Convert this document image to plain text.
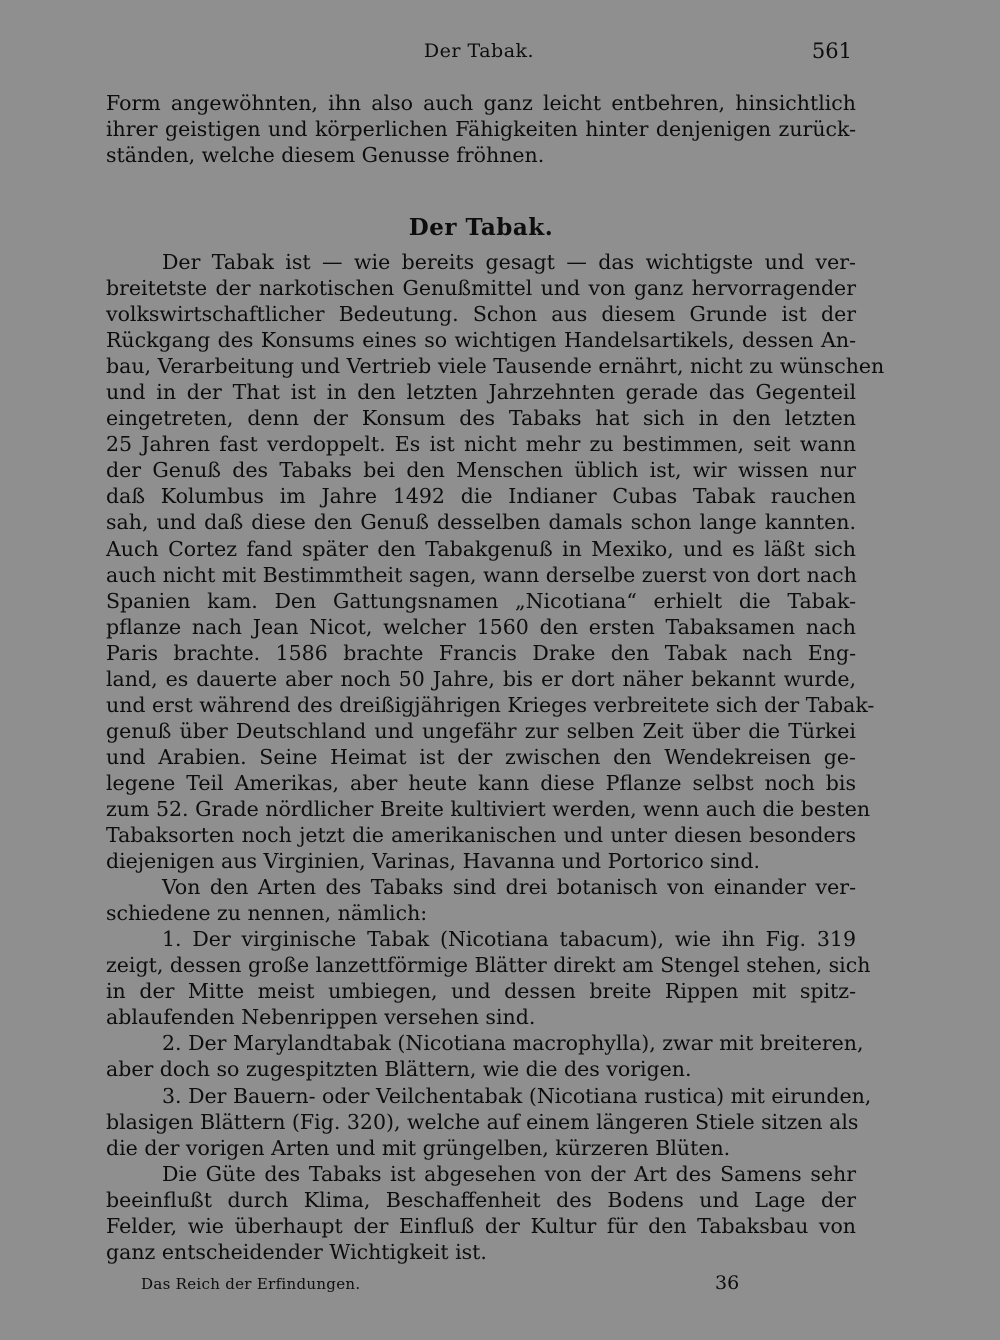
Der Tabak.	561
Form angewöhnten, ihn also auch ganz leicht entbehren, hinsichtlich
ihrer geistigen und körperlichen Fähigkeiten hinter denjenigen zurück-
ständen, welche diesem Genusse fröhnen.
Der Tabak.
Der Tabak ist — wie bereits gesagt — das wichtigste und ver-
breitetste der narkotischen Genußmittel und von ganz hervorragender
volkswirtschaftlicher Bedeutung. Schon aus diesem Grunde ist der
Rückgang des Konsums eines so wichtigen Handelsartikels, dessen An-
bau, Verarbeitung und Vertrieb viele Tausende ernährt, nicht zu wünschen
und in der That ist in den letzten Jahrzehnten gerade das Gegenteil
eingetreten, denn der Konsum des Tabaks hat sich in den letzten
25 Jahren fast verdoppelt. Es ist nicht mehr zu bestimmen, seit wann
der Genuß des Tabaks bei den Menschen üblich ist, wir wissen nur
daß Kolumbus im Jahre 1492 die Indianer Cubas Tabak rauchen
sah, und daß diese den Genuß desselben damals schon lange kannten.
Auch Cortez fand später den Tabakgenuß in Mexiko, und es läßt sich
auch nicht mit Bestimmtheit sagen, wann derselbe zuerst von dort nach
Spanien kam. Den Gattungsnamen „Nicotiana“ erhielt die Tabak-
pflanze nach Jean Nicot, welcher 1560 den ersten Tabaksamen nach
Paris brachte. 1586 brachte Francis Drake den Tabak nach Eng-
land, es dauerte aber noch 50 Jahre, bis er dort näher bekannt wurde,
und erst während des dreißigjährigen Krieges verbreitete sich der Tabak-
genuß über Deutschland und ungefähr zur selben Zeit über die Türkei
und Arabien. Seine Heimat ist der zwischen den Wendekreisen ge-
legene Teil Amerikas, aber heute kann diese Pflanze selbst noch bis
zum 52. Grade nördlicher Breite kultiviert werden, wenn auch die besten
Tabaksorten noch jetzt die amerikanischen und unter diesen besonders
diejenigen aus Virginien, Varinas, Havanna und Portorico sind.
Von den Arten des Tabaks sind drei botanisch von einander ver-
schiedene zu nennen, nämlich:
1. Der virginische Tabak (Nicotiana tabacum), wie ihn Fig. 319
zeigt, dessen große lanzettförmige Blätter direkt am Stengel stehen, sich
in der Mitte meist umbiegen, und dessen breite Rippen mit spitz-
ablaufenden Nebenrippen versehen sind.
2. Der Marylandtabak (Nicotiana macrophylla), zwar mit breiteren,
aber doch so zugespitzten Blättern, wie die des vorigen.
3. Der Bauern- oder Veilchentabak (Nicotiana rustica) mit eirunden,
blasigen Blättern (Fig. 320), welche auf einem längeren Stiele sitzen als
die der vorigen Arten und mit grüngelben, kürzeren Blüten.
Die Güte des Tabaks ist abgesehen von der Art des Samens sehr
beeinflußt durch Klima, Beschaffenheit des Bodens und Lage der
Felder, wie überhaupt der Einfluß der Kultur für den Tabaksbau von
ganz entscheidender Wichtigkeit ist.
Das Reich der Erfindungen.	36
